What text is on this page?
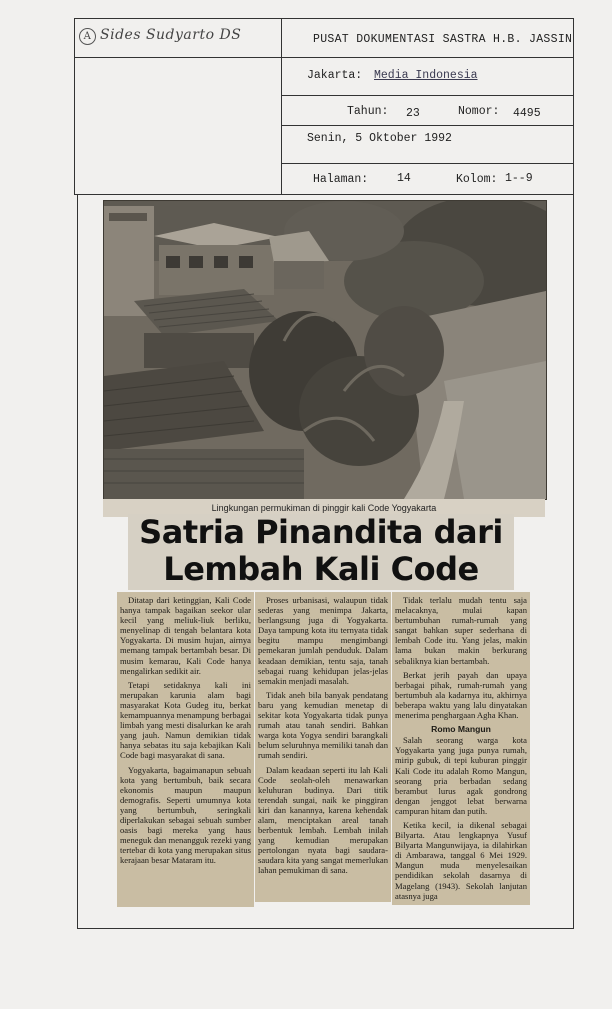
A Sides Sudyarto DS	PUSAT DOKUMENTASI SASTRA H.B. JASSIN
Jakarta: Media Indonesia
Tahun: 23	Nomor: 4495
Senin, 5 Oktober 1992
Halaman:	14	Kolom: 1--9
Lingkungan permukiman di pinggir kali Code Yogyakarta
Satria Pinandita dari
Lembah Kali Code

Ditatap dari ketinggian, Kali Code hanya tampak bagaikan seekor ular kecil yang meliuk-liuk berliku, menyelinap di tengah belantara kota Yogyakarta. Di musim hujan, airnya memang tampak bertambah besar. Di musim kemarau, Kali Code hanya mengalirkan sedikit air.

Tetapi setidaknya kali ini merupakan karunia alam bagi masyarakat Kota Gudeg itu, berkat kemampuannya menampung berbagai limbah yang mesti disalurkan ke arah yang jauh. Namun demikian tidak hanya sebatas itu saja kebajikan Kali Code bagi masyarakat di sana.

Yogyakarta, bagaimanapun sebuah kota yang bertumbuh, baik secara ekonomis maupun maupun demografis. Seperti umumnya kota yang bertumbuh, seringkali diperlakukan sebagai sebuah sumber oasis bagi mereka yang haus meneguk dan menangguk rezeki yang tertebar di kota yang merupakan situs kerajaan besar Mataram itu.

Proses urbanisasi, walaupun tidak sederas yang menimpa Jakarta, berlangsung juga di Yogyakarta. Daya tampung kota itu ternyata tidak begitu mampu mengimbangi pemekaran jumlah penduduk. Dalam keadaan demikian, tentu saja, tanah sebagai ruang kehidupan jelas-jelas semakin menjadi masalah.

Tidak aneh bila banyak pendatang baru yang kemudian menetap di sekitar kota Yogyakarta tidak punya rumah atau tanah sendiri. Bahkan warga kota Yogya sendiri barangkali belum seluruhnya memiliki tanah dan rumah sendiri.

Dalam keadaan seperti itu lah Kali Code seolah-oleh menawarkan keluhuran budinya. Dari titik terendah sungai, naik ke pinggiran kiri dan kanannya, karena kehendak alam, menciptakan areal tanah berbentuk lembah. Lembah inilah yang kemudian merupakan pertolongan nyata bagi saudara-saudara kita yang sangat memerlukan lahan pemukiman di sana.

Tidak terlalu mudah tentu saja melacaknya, mulai kapan bertumbuhan rumah-rumah yang sangat bahkan super sederhana di lembah Code itu. Yang jelas, makin lama bukan makin berkurang sebaliknya kian bertambah.

Berkat jerih payah dan upaya berbagai pihak, rumah-rumah yang bertumbuh ala kadarnya itu, akhirnya beberapa waktu yang lalu dinyatakan menerima penghargaan Agha Khan.

Romo Mangun

Salah seorang warga kota Yogyakarta yang juga punya rumah, mirip gubuk, di tepi kuburan pinggir Kali Code itu adalah Romo Mangun, seorang pria berbadan sedang berambut lurus agak gondrong dengan jenggot lebat berwarna campuran hitam dan putih.

Ketika kecil, ia dikenal sebagai Bilyarta. Atau lengkapnya Yusuf Bilyarta Mangunwijaya, ia dilahirkan di Ambarawa, tanggal 6 Mei 1929. Mangun muda menyelesaikan pendidikan sekolah dasarnya di Magelang (1943). Sekolah lanjutan atasnya juga
